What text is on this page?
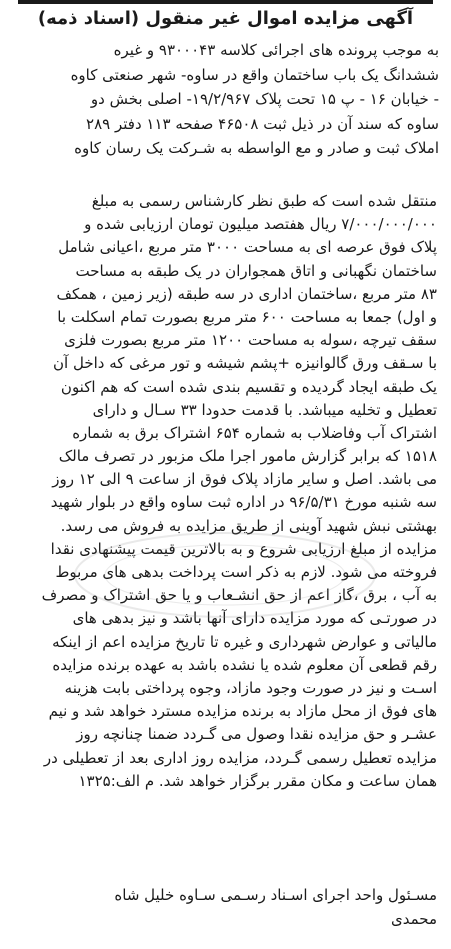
آگهی مزایده اموال غیر منقول (اسناد ذمه)
به موجب پرونده های اجرائی کلاسه ۹۳۰۰۰۴۳ و غیره
ششدانگ یک باب ساختمان واقع در ساوه- شهر صنعتی کاوه
- خیابان ۱۶ - پ ۱۵ تحت پلاک ۱۹/۲/۹۶۷- اصلی بخش دو
ساوه که سند آن در ذیل ثبت ۴۶۵۰۸ صفحه ۱۱۳ دفتر ۲۸۹
املاک ثبت و صادر و مع الواسطه به شـرکت یک رسان کاوه
منتقل شده است که طبق نظر کارشناس رسمی به مبلغ
۷/۰۰۰/۰۰۰/۰۰۰ ریال هفتصد میلیون تومان ارزیابی شده و
پلاک فوق عرصه ای به مساحت ۳۰۰۰ متر مربع ،اعیانی شامل
ساختمان نگهبانی و اتاق همجواران در یک طبقه به مساحت
۸۳ متر مربع ،ساختمان اداری در سه طبقه (زیر زمین ، همکف
و اول) جمعا به مساحت ۶۰۰ متر مربع بصورت تمام اسکلت با
سقف تیرچه ،سوله به مساحت ۱۲۰۰ متر مربع بصورت فلزی
با سـقف ورق گالوانیزه +پشم شیشه و تور مرغی که داخل آن
یک طبقه ایجاد گردیده و تقسیم بندی شده است که هم اکنون
تعطیل و تخلیه میباشد. با قدمت حدودا ۳۳ سـال و دارای
اشتراک آب وفاضلاب به شماره ۶۵۴ اشتراک برق به شماره
۱۵۱۸ که برابر گزارش مامور اجرا ملک مزبور در تصرف مالک
می باشد. اصل و سایر مازاد پلاک فوق از ساعت ۹ الی ۱۲ روز
سه شنبه مورخ ۹۶/۵/۳۱ در اداره ثبت ساوه واقع در بلوار شهید
بهشتی نبش شهید آوینی از طریق مزایده به فروش می رسد.
مزایده از مبلغ ارزیابی شروع و به بالاترین قیمت پیشنهادی نقدا
فروخته می شود. لازم به ذکر است پرداخت بدهی های مربوط
به آب ، برق ،گاز اعم از حق انشـعاب و یا حق اشتراک و مصرف
در صورتـی که مورد مزایده دارای آنها باشد و نیز بدهی های
مالیاتی و عوارض شهرداری و غیره تا تاریخ مزایده اعم از اینکه
رقم قطعی آن معلوم شده یا نشده باشد به عهده برنده مزایده
اسـت و نیز در صورت وجود مازاد، وجوه پرداختی بابت هزینه
های فوق از محل مازاد به برنده مزایده مسترد خواهد شد و نیم
عشـر و حق مزایده نقدا وصول می گـردد ضمنا چنانچه روز
مزایده تعطیل رسمی گـردد، مزایده روز اداری بعد از تعطیلی در
همان ساعت و مکان مقرر برگزار خواهد شد. م الف:۱۳۲۵
مسـئول واحد اجرای اسـناد رسـمی سـاوه خلیل شاه
محمدی
